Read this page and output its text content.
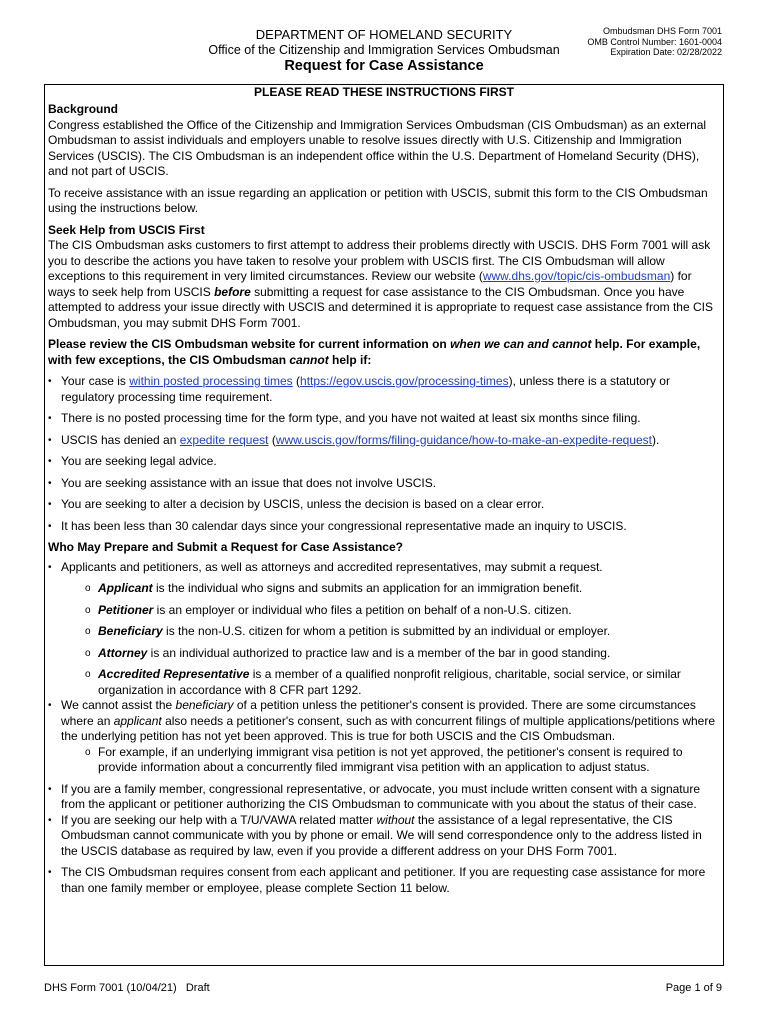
DEPARTMENT OF HOMELAND SECURITY
Office of the Citizenship and Immigration Services Ombudsman
Request for Case Assistance
Ombudsman DHS Form 7001
OMB Control Number: 1601-0004
Expiration Date: 02/28/2022
PLEASE READ THESE INSTRUCTIONS FIRST
Background

Congress established the Office of the Citizenship and Immigration Services Ombudsman (CIS Ombudsman) as an external Ombudsman to assist individuals and employers unable to resolve issues directly with U.S. Citizenship and Immigration Services (USCIS). The CIS Ombudsman is an independent office within the U.S. Department of Homeland Security (DHS), and not part of USCIS.

To receive assistance with an issue regarding an application or petition with USCIS, submit this form to the CIS Ombudsman using the instructions below.

Seek Help from USCIS First

The CIS Ombudsman asks customers to first attempt to address their problems directly with USCIS. DHS Form 7001 will ask you to describe the actions you have taken to resolve your problem with USCIS first. The CIS Ombudsman will allow exceptions to this requirement in very limited circumstances. Review our website (www.dhs.gov/topic/cis-ombudsman) for ways to seek help from USCIS before submitting a request for case assistance to the CIS Ombudsman. Once you have attempted to address your issue directly with USCIS and determined it is appropriate to request case assistance from the CIS Ombudsman, you may submit DHS Form 7001.

Please review the CIS Ombudsman website for current information on when we can and cannot help. For example, with few exceptions, the CIS Ombudsman cannot help if:

• Your case is within posted processing times (https://egov.uscis.gov/processing-times), unless there is a statutory or regulatory processing time requirement.
• There is no posted processing time for the form type, and you have not waited at least six months since filing.
• USCIS has denied an expedite request (www.uscis.gov/forms/filing-guidance/how-to-make-an-expedite-request).
• You are seeking legal advice.
• You are seeking assistance with an issue that does not involve USCIS.
• You are seeking to alter a decision by USCIS, unless the decision is based on a clear error.
• It has been less than 30 calendar days since your congressional representative made an inquiry to USCIS.
Who May Prepare and Submit a Request for Case Assistance?
• Applicants and petitioners, as well as attorneys and accredited representatives, may submit a request.
o Applicant is the individual who signs and submits an application for an immigration benefit.
o Petitioner is an employer or individual who files a petition on behalf of a non-U.S. citizen.
o Beneficiary is the non-U.S. citizen for whom a petition is submitted by an individual or employer.
o Attorney is an individual authorized to practice law and is a member of the bar in good standing.
o Accredited Representative is a member of a qualified nonprofit religious, charitable, social service, or similar organization in accordance with 8 CFR part 1292.
• We cannot assist the beneficiary of a petition unless the petitioner's consent is provided. There are some circumstances where an applicant also needs a petitioner's consent, such as with concurrent filings of multiple applications/petitions where the underlying petition has not yet been approved. This is true for both USCIS and the CIS Ombudsman.
o For example, if an underlying immigrant visa petition is not yet approved, the petitioner's consent is required to provide information about a concurrently filed immigrant visa petition with an application to adjust status.
• If you are a family member, congressional representative, or advocate, you must include written consent with a signature from the applicant or petitioner authorizing the CIS Ombudsman to communicate with you about the status of their case.
• If you are seeking our help with a T/U/VAWA related matter without the assistance of a legal representative, the CIS Ombudsman cannot communicate with you by phone or email. We will send correspondence only to the address listed in the USCIS database as required by law, even if you provide a different address on your DHS Form 7001.
• The CIS Ombudsman requires consent from each applicant and petitioner. If you are requesting case assistance for more than one family member or employee, please complete Section 11 below.
DHS Form 7001 (10/04/21)   Draft	Page 1 of 9
